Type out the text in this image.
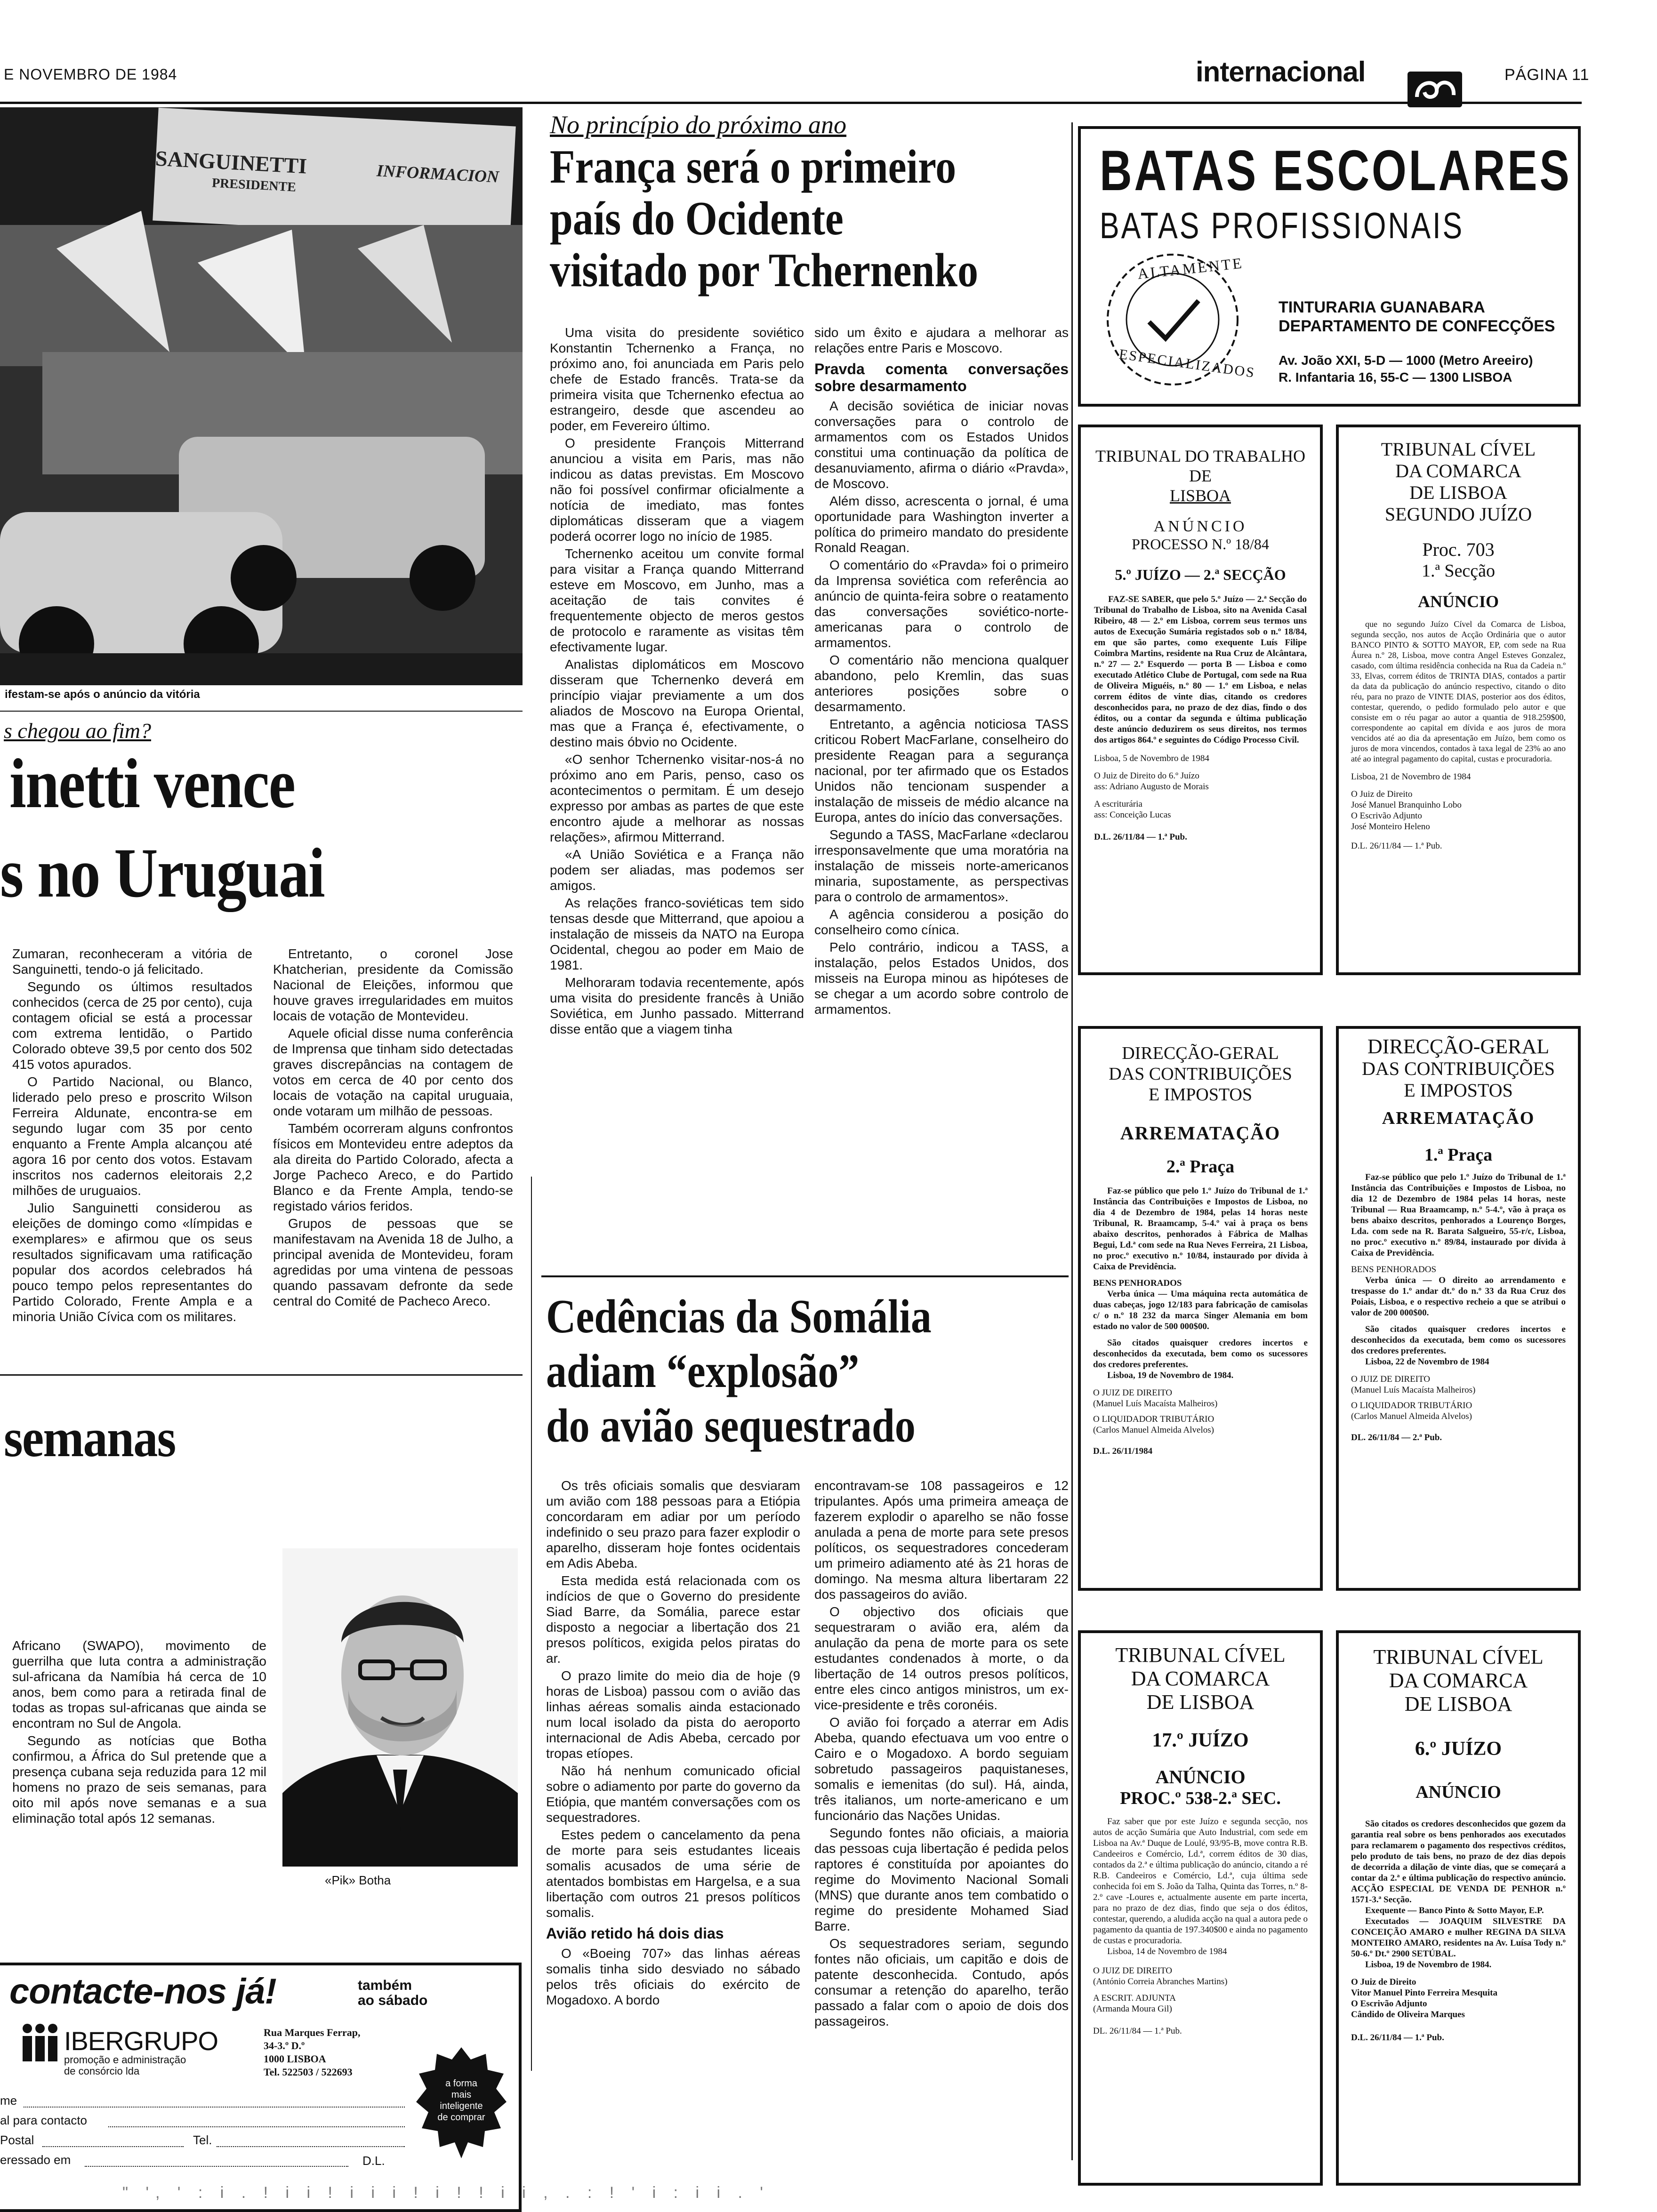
E NOVEMBRO DE 1984	internacional	PÁGINA 11
SANGUINETTI
PRESIDENTE	INFORMACION
ifestam-se após o anúncio da vitória
s chegou ao fim?
inetti vence
s no Uruguai

Zumaran, reconheceram a vitória de Sanguinetti, tendo-o já felicitado.

Segundo os últimos resultados conhecidos (cerca de 25 por cento), cuja contagem oficial se está a processar com extrema lentidão, o Partido Colorado obteve 39,5 por cento dos 502 415 votos apurados.

O Partido Nacional, ou Blanco, liderado pelo preso e proscrito Wilson Ferreira Aldunate, encontra-se em segundo lugar com 35 por cento enquanto a Frente Ampla alcançou até agora 16 por cento dos votos. Estavam inscritos nos cadernos eleitorais 2,2 milhões de uruguaios.

Julio Sanguinetti considerou as eleições de domingo como «límpidas e exemplares» e afirmou que os seus resultados significavam uma ratificação popular dos acordos celebrados há pouco tempo pelos representantes do Partido Colorado, Frente Ampla e a minoria União Cívica com os militares.

Entretanto, o coronel Jose Khatcherian, presidente da Comissão Nacional de Eleições, informou que houve graves irregularidades em muitos locais de votação de Montevideu.

Aquele oficial disse numa conferência de Imprensa que tinham sido detectadas graves discrepâncias na contagem de votos em cerca de 40 por cento dos locais de votação na capital uruguaia, onde votaram um milhão de pessoas.

Também ocorreram alguns confrontos físicos em Montevideu entre adeptos da ala direita do Partido Colorado, afecta a Jorge Pacheco Areco, e do Partido Blanco e da Frente Ampla, tendo-se registado vários feridos.

Grupos de pessoas que se manifestavam na Avenida 18 de Julho, a principal avenida de Montevideu, foram agredidas por uma vintena de pessoas quando passavam defronte da sede central do Comité de Pacheco Areco.

semanas

Africano (SWAPO), movimento de guerrilha que luta contra a administração sul-africana da Namíbia há cerca de 10 anos, bem como para a retirada final de todas as tropas sul-africanas que ainda se encontram no Sul de Angola.

Segundo as notícias que Botha confirmou, a África do Sul pretende que a presença cubana seja reduzida para 12 mil homens no prazo de seis semanas, para oito mil após nove semanas e a sua eliminação total após 12 semanas.

«Pik» Botha
contacte-nos já!	também
ao sábado
IBERGRUPO
promoção e administração
de consórcio lda
Rua Marques Ferrap,
34-3.º D.º
1000 LISBOA
Tel. 522503 / 522693
a forma
mais
inteligente
de comprar
me
al para contacto
Postal	Tel.
eressado em	D.L.
No princípio do próximo ano
França será o primeiro
país do Ocidente
visitado por Tchernenko

Uma visita do presidente soviético Konstantin Tchernenko a França, no próximo ano, foi anunciada em Paris pelo chefe de Estado francês. Trata-se da primeira visita que Tchernenko efectua ao estrangeiro, desde que ascendeu ao poder, em Fevereiro último.

O presidente François Mitterrand anunciou a visita em Paris, mas não indicou as datas previstas. Em Moscovo não foi possível confirmar oficialmente a notícia de imediato, mas fontes diplomáticas disseram que a viagem poderá ocorrer logo no início de 1985.

Tchernenko aceitou um convite formal para visitar a França quando Mitterrand esteve em Moscovo, em Junho, mas a aceitação de tais convites é frequentemente objecto de meros gestos de protocolo e raramente as visitas têm efectivamente lugar.

Analistas diplomáticos em Moscovo disseram que Tchernenko deverá em princípio viajar previamente a um dos aliados de Moscovo na Europa Oriental, mas que a França é, efectivamente, o destino mais óbvio no Ocidente.

«O senhor Tchernenko visitar-nos-á no próximo ano em Paris, penso, caso os acontecimentos o permitam. É um desejo expresso por ambas as partes de que este encontro ajude a melhorar as nossas relações», afirmou Mitterrand.

«A União Soviética e a França não podem ser aliadas, mas podemos ser amigos.

As relações franco-soviéticas tem sido tensas desde que Mitterrand, que apoiou a instalação de misseis da NATO na Europa Ocidental, chegou ao poder em Maio de 1981.

Melhoraram todavia recentemente, após uma visita do presidente francês à União Soviética, em Junho passado. Mitterrand disse então que a viagem tinha

sido um êxito e ajudara a melhorar as relações entre Paris e Moscovo.

Pravda comenta conversações sobre desarmamento

A decisão soviética de iniciar novas conversações para o controlo de armamentos com os Estados Unidos constitui uma continuação da política de desanuviamento, afirma o diário «Pravda», de Moscovo.

Além disso, acrescenta o jornal, é uma oportunidade para Washington inverter a política do primeiro mandato do presidente Ronald Reagan.

O comentário do «Pravda» foi o primeiro da Imprensa soviética com referência ao anúncio de quinta-feira sobre o reatamento das conversações soviético-norte-americanas para o controlo de armamentos.

O comentário não menciona qualquer abandono, pelo Kremlin, das suas anteriores posições sobre o desarmamento.

Entretanto, a agência noticiosa TASS criticou Robert MacFarlane, conselheiro do presidente Reagan para a segurança nacional, por ter afirmado que os Estados Unidos não tencionam suspender a instalação de misseis de médio alcance na Europa, antes do início das conversações.

Segundo a TASS, MacFarlane «declarou irresponsavelmente que uma moratória na instalação de misseis norte-americanos minaria, supostamente, as perspectivas para o controlo de armamentos».

A agência considerou a posição do conselheiro como cínica.

Pelo contrário, indicou a TASS, a instalação, pelos Estados Unidos, dos misseis na Europa minou as hipóteses de se chegar a um acordo sobre controlo de armamentos.

Cedências da Somália
adiam “explosão”
do avião sequestrado

Os três oficiais somalis que desviaram um avião com 188 pessoas para a Etiópia concordaram em adiar por um período indefinido o seu prazo para fazer explodir o aparelho, disseram hoje fontes ocidentais em Adis Abeba.

Esta medida está relacionada com os indícios de que o Governo do presidente Siad Barre, da Somália, parece estar disposto a negociar a libertação dos 21 presos políticos, exigida pelos piratas do ar.

O prazo limite do meio dia de hoje (9 horas de Lisboa) passou com o avião das linhas aéreas somalis ainda estacionado num local isolado da pista do aeroporto internacional de Adis Abeba, cercado por tropas etíopes.

Não há nenhum comunicado oficial sobre o adiamento por parte do governo da Etiópia, que mantém conversações com os sequestradores.

Estes pedem o cancelamento da pena de morte para seis estudantes liceais somalis acusados de uma série de atentados bombistas em Hargelsa, e a sua libertação com outros 21 presos políticos somalis.

Avião retido há dois dias

O «Boeing 707» das linhas aéreas somalis tinha sido desviado no sábado pelos três oficiais do exército de Mogadoxo. A bordo

encontravam-se 108 passageiros e 12 tripulantes. Após uma primeira ameaça de fazerem explodir o aparelho se não fosse anulada a pena de morte para sete presos políticos, os sequestradores concederam um primeiro adiamento até às 21 horas de domingo. Na mesma altura libertaram 22 dos passageiros do avião.

O objectivo dos oficiais que sequestraram o avião era, além da anulação da pena de morte para os sete estudantes condenados à morte, o da libertação de 14 outros presos políticos, entre eles cinco antigos ministros, um ex-vice-presidente e três coronéis.

O avião foi forçado a aterrar em Adis Abeba, quando efectuava um voo entre o Cairo e o Mogadoxo. A bordo seguiam sobretudo passageiros paquistaneses, somalis e iemenitas (do sul). Há, ainda, três italianos, um norte-americano e um funcionário das Nações Unidas.

Segundo fontes não oficiais, a maioria das pessoas cuja libertação é pedida pelos raptores é constituída por apoiantes do regime do Movimento Nacional Somali (MNS) que durante anos tem combatido o regime do presidente Mohamed Siad Barre.

Os sequestradores seriam, segundo fontes não oficiais, um capitão e dois de patente desconhecida. Contudo, após consumar a retenção do aparelho, terão passado a falar com o apoio de dois dos passageiros.

BATAS ESCOLARES
BATAS PROFISSIONAIS
ALTAMENTE
ESPECIALIZADOS
TINTURARIA GUANABARA
DEPARTAMENTO DE CONFECÇÕES
Av. João XXI, 5-D — 1000 (Metro Areeiro)
R. Infantaria 16, 55-C — 1300 LISBOA
TRIBUNAL DO TRABALHO
DE
LISBOA
ANÚNCIO
PROCESSO N.º 18/84
5.º JUÍZO — 2.ª SECÇÃO
FAZ-SE SABER, que pelo 5.º Juízo — 2.ª Secção do Tribunal do Trabalho de Lisboa, sito na Avenida Casal Ribeiro, 48 — 2.º em Lisboa, correm seus termos uns autos de Execução Sumária registados sob o n.º 18/84, em que são partes, como exequente Luís Filipe Coimbra Martins, residente na Rua Cruz de Alcântara, n.º 27 — 2.º Esquerdo — porta B — Lisboa e como executado Atlético Clube de Portugal, com sede na Rua de Oliveira Miguéis, n.º 80 — 1.º em Lisboa, e nelas correm éditos de vinte dias, citando os credores desconhecidos para, no prazo de dez dias, findo o dos éditos, ou a contar da segunda e última publicação deste anúncio deduzirem os seus direitos, nos termos dos artigos 864.º e seguintes do Código Processo Civil.
Lisboa, 5 de Novembro de 1984
O Juiz de Direito do 6.º Juízo
ass: Adriano Augusto de Morais
A escriturária
ass: Conceição Lucas
D.L. 26/11/84 — 1.ª Pub.
TRIBUNAL CÍVEL
DA COMARCA
DE LISBOA
SEGUNDO JUÍZO
Proc. 703
1.ª Secção
ANÚNCIO
que no segundo Juízo Cível da Comarca de Lisboa, segunda secção, nos autos de Acção Ordinária que o autor BANCO PINTO & SOTTO MAYOR, EP, com sede na Rua Áurea n.º 28, Lisboa, move contra Angel Esteves Gonzalez, casado, com última residência conhecida na Rua da Cadeia n.º 33, Elvas, correm éditos de TRINTA DIAS, contados a partir da data da publicação do anúncio respectivo, citando o dito réu, para no prazo de VINTE DIAS, posterior aos dos éditos, contestar, querendo, o pedido formulado pelo autor e que consiste em o réu pagar ao autor a quantia de 918.259$00, correspondente ao capital em dívida e aos juros de mora vencidos até ao dia da apresentação em Juízo, bem como os juros de mora vincendos, contados à taxa legal de 23% ao ano até ao integral pagamento do capital, custas e procuradoria.
Lisboa, 21 de Novembro de 1984
O Juiz de Direito
José Manuel Branquinho Lobo
O Escrivão Adjunto
José Monteiro Heleno
D.L. 26/11/84 — 1.ª Pub.
DIRECÇÃO-GERAL
DAS CONTRIBUIÇÕES
E IMPOSTOS
ARREMATAÇÃO
2.ª Praça
Faz-se público que pelo 1.º Juízo do Tribunal de 1.ª Instância das Contribuições e Impostos de Lisboa, no dia 4 de Dezembro de 1984, pelas 14 horas neste Tribunal, R. Braamcamp, 5-4.º vai à praça os bens abaixo descritos, penhorados à Fábrica de Malhas Begui, Ld.ª com sede na Rua Neves Ferreira, 21 Lisboa, no proc.º executivo n.º 10/84, instaurado por dívida à Caixa de Previdência.
BENS PENHORADOS
Verba única — Uma máquina recta automática de duas cabeças, jogo 12/183 para fabricação de camisolas c/ o n.º 18 232 da marca Singer Alemania em bom estado no valor de 500 000$00.
São citados quaisquer credores incertos e desconhecidos da executada, bem como os sucessores dos credores preferentes.
Lisboa, 19 de Novembro de 1984.
O JUIZ DE DIREITO
(Manuel Luís Macaísta Malheiros)
O LIQUIDADOR TRIBUTÁRIO
(Carlos Manuel Almeida Alvelos)
D.L. 26/11/1984
DIRECÇÃO-GERAL
DAS CONTRIBUIÇÕES
E IMPOSTOS
ARREMATAÇÃO
1.ª Praça
Faz-se público que pelo 1.º Juízo do Tribunal de 1.ª Instância das Contribuições e Impostos de Lisboa, no dia 12 de Dezembro de 1984 pelas 14 horas, neste Tribunal — Rua Braamcamp, n.º 5-4.º, vão à praça os bens abaixo descritos, penhorados a Lourenço Borges, Lda. com sede na R. Barata Salgueiro, 55-r/c, Lisboa, no proc.º executivo n.º 89/84, instaurado por dívida à Caixa de Previdência.
BENS PENHORADOS
Verba única — O direito ao arrendamento e trespasse do 1.º andar dt.º do n.º 33 da Rua Cruz dos Poiais, Lisboa, e o respectivo recheio a que se atribui o valor de 200 000$00.
São citados quaisquer credores incertos e desconhecidos da executada, bem como os sucessores dos credores preferentes.
Lisboa, 22 de Novembro de 1984
O JUIZ DE DIREITO
(Manuel Luís Macaísta Malheiros)
O LIQUIDADOR TRIBUTÁRIO
(Carlos Manuel Almeida Alvelos)
DL. 26/11/84 — 2.ª Pub.
TRIBUNAL CÍVEL
DA COMARCA
DE LISBOA
17.º JUÍZO
ANÚNCIO
PROC.º 538-2.ª SEC.
Faz saber que por este Juízo e segunda secção, nos autos de acção Sumária que Auto Industrial, com sede em Lisboa na Av.ª Duque de Loulé, 93/95-B, move contra R.B. Candeeiros e Comércio, Ld.ª, correm éditos de 30 dias, contados da 2.ª e última publicação do anúncio, citando a ré R.B. Candeeiros e Comércio, Ld.ª, cuja última sede conhecida foi em S. João da Talha, Quinta das Torres, n.º 8-2.º cave -Loures e, actualmente ausente em parte incerta, para no prazo de dez dias, findo que seja o dos éditos, contestar, querendo, a aludida acção na qual a autora pede o pagamento da quantia de 197.340$00 e ainda no pagamento de custas e procuradoria.
Lisboa, 14 de Novembro de 1984
O JUIZ DE DIREITO
(António Correia Abranches Martins)
A ESCRIT. ADJUNTA
(Armanda Moura Gil)
DL. 26/11/84 — 1.ª Pub.
TRIBUNAL CÍVEL
DA COMARCA
DE LISBOA
6.º JUÍZO
ANÚNCIO
São citados os credores desconhecidos que gozem da garantia real sobre os bens penhorados aos executados para reclamarem o pagamento dos respectivos créditos, pelo produto de tais bens, no prazo de dez dias depois de decorrida a dilação de vinte dias, que se começará a contar da 2.ª e última publicação do respectivo anúncio. ACÇÃO ESPECIAL DE VENDA DE PENHOR n.º 1571-3.ª Secção.
Exequente — Banco Pinto & Sotto Mayor, E.P.
Executados — JOAQUIM SILVESTRE DA CONCEIÇÃO AMARO e mulher REGINA DA SILVA MONTEIRO AMARO, residentes na Av. Luísa Tody n.º 50-6.º Dt.º 2900 SETÚBAL.
Lisboa, 19 de Novembro de 1984.
O Juiz de Direito
Vitor Manuel Pinto Ferreira Mesquita
O Escrivão Adjunto
Cândido de Oliveira Marques
D.L. 26/11/84 — 1.ª Pub.
" ', ' : i . ! i i ! i i i ! i ! ! i i , . : ! ' i : i i . '
